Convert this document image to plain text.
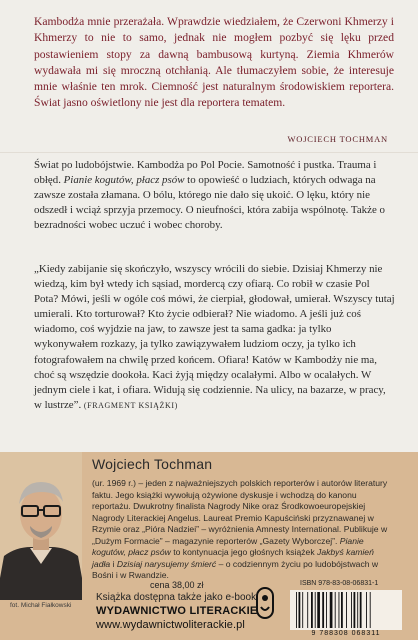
Kambodża mnie przerażała. Wprawdzie wiedziałem, że Czerwoni Khmerzy i Khmerzy to nie to samo, jednak nie mogłem pozbyć się lęku przed postawieniem stopy za dawną bambusową kurtyną. Ziemia Khmerów wydawała mi się mroczną otchłanią. Ale tłumaczyłem sobie, że interesuje mnie właśnie ten mrok. Ciemność jest naturalnym środowiskiem reportera. Świat jasno oświetlony nie jest dla reportera tematem.

WOJCIECH TOCHMAN

Świat po ludobójstwie. Kambodża po Pol Pocie. Samotność i pustka. Trauma i obłęd. Pianie kogutów, płacz psów to opowieść o ludziach, których odwaga na zawsze została złamana. O bólu, którego nie dało się ukoić. O lęku, który nie odszedł i wciąż sprzyja przemocy. O nieufności, która zabija wspólnotę. Także o bezradności wobec uczuć i wobec choroby.

„Kiedy zabijanie się skończyło, wszyscy wrócili do siebie. Dzisiaj Khmerzy nie wiedzą, kim był wtedy ich sąsiad, mordercą czy ofiarą. Co robił w czasie Pol Pota? Mówi, jeśli w ogóle coś mówi, że cierpiał, głodował, umierał. Wszyscy tutaj umierali. Kto torturował? Kto życie odbierał? Nie wiadomo. A jeśli już coś wiadomo, coś wyjdzie na jaw, to zawsze jest ta sama gadka: ja tylko wykonywałem rozkazy, ja tylko zawiązywałem ludziom oczy, ja tylko ich fotografowałem na chwilę przed końcem. Ofiara! Katów w Kambodży nie ma, choć są wszędzie dookoła. Kaci żyją między ocalałymi. Albo w ocalałych. W jednym ciele i kat, i ofiara. Widują się codziennie. Na ulicy, na bazarze, w pracy, w lustrze”. (FRAGMENT KSIĄŻKI)

fot. Michał Fiałkowski
Wojciech Tochman

(ur. 1969 r.) – jeden z najważniejszych polskich reporterów i autorów literatury faktu. Jego książki wywołują ożywione dyskusje i wchodzą do kanonu reportażu. Dwukrotny finalista Nagrody Nike oraz Środkowoeuropejskiej Nagrody Literackiej Angelus. Laureat Premio Kapuściński przyznawanej w Rzymie oraz „Pióra Nadziei” – wyróżnienia Amnesty International. Publikuje w „Dużym Formacie” – magazynie reporterów „Gazety Wyborczej”. Pianie kogutów, płacz psów to kontynuacja jego głośnych książek Jakbyś kamień jadła i Dzisiaj narysujemy śmierć – o codziennym życiu po ludobójstwach w Bośni i w Rwandzie.

cena 38,00 zł
Książka dostępna także jako e-book
WYDAWNICTWO LITERACKIE
www.wydawnictwoliterackie.pl
ISBN 978-83-08-06831-1
9 788308 068311
